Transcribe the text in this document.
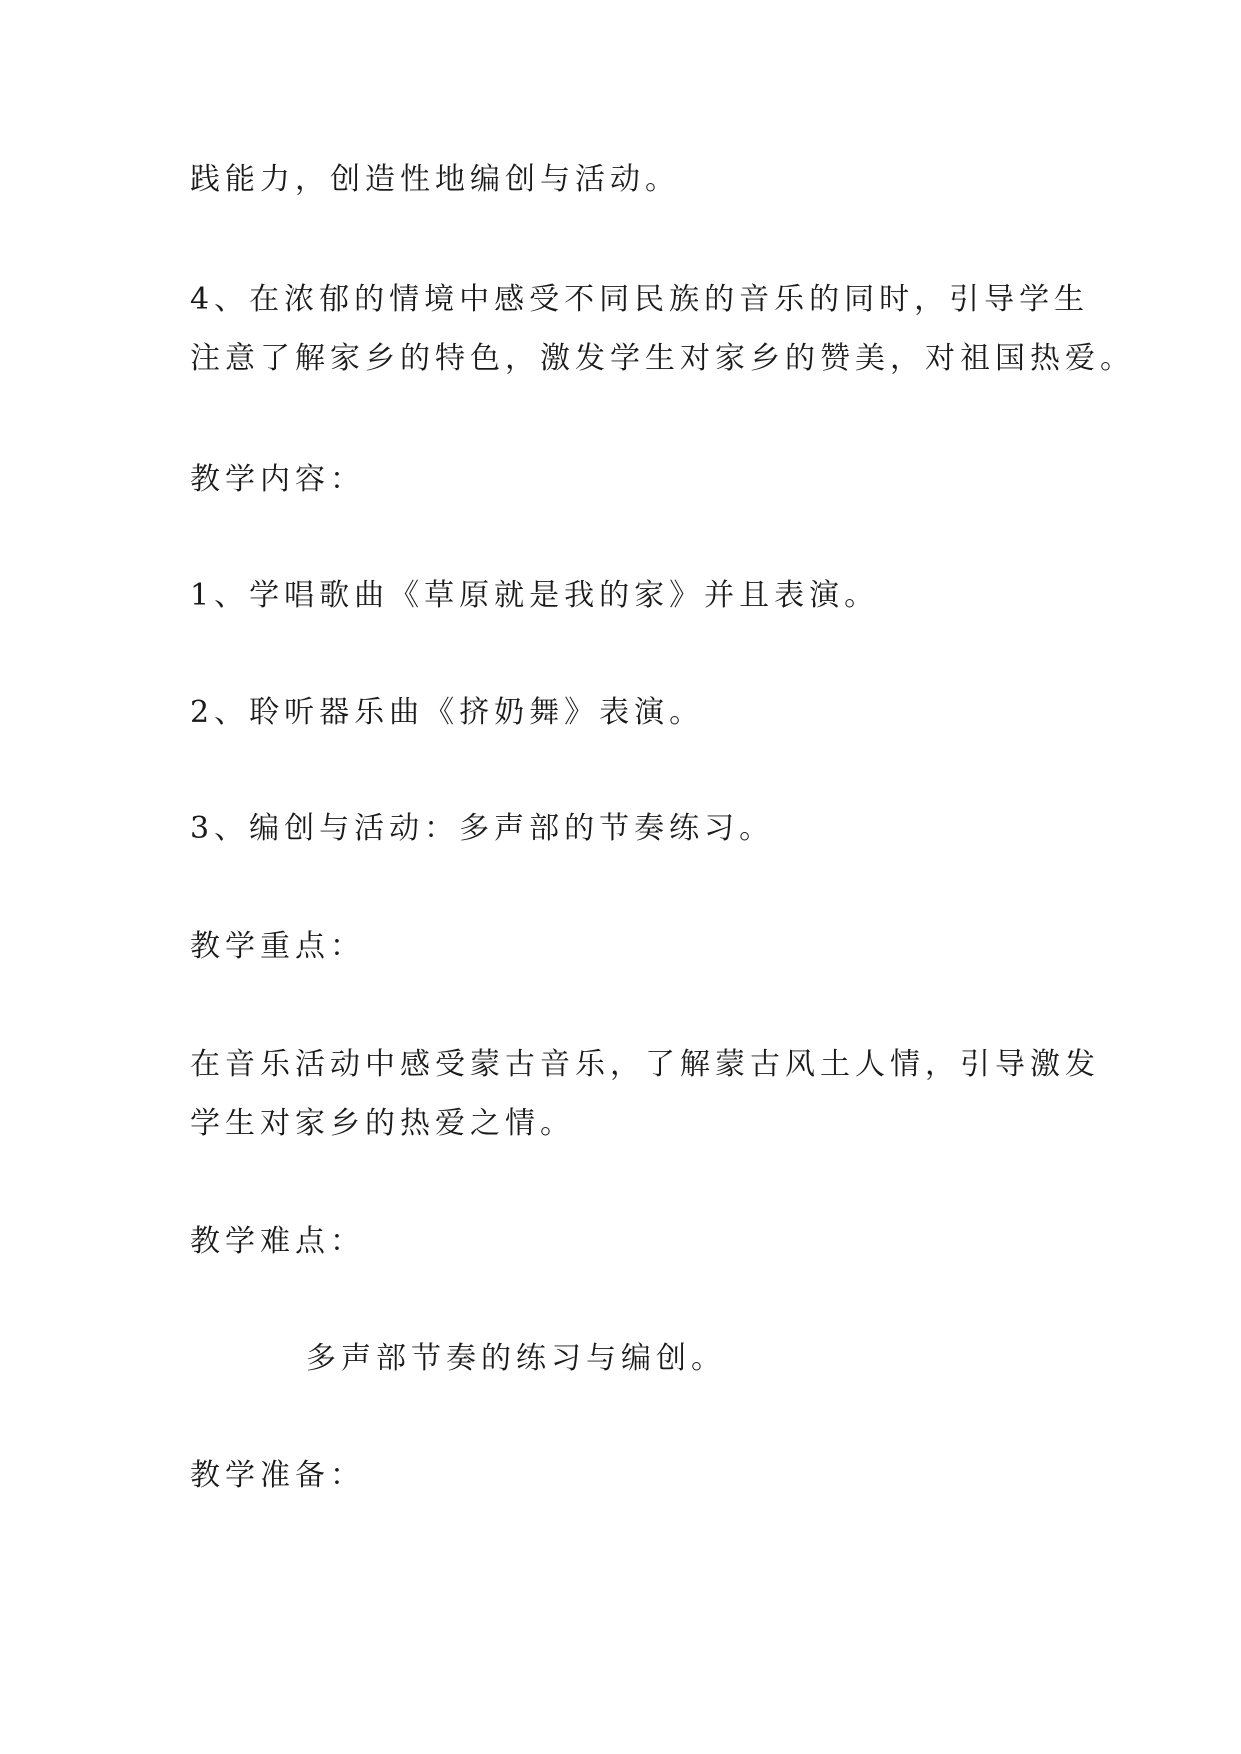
践能力，创造性地编创与活动。

4、在浓郁的情境中感受不同民族的音乐的同时，引导学生
注意了解家乡的特色，激发学生对家乡的赞美，对祖国热爱。

教学内容：

1、学唱歌曲《草原就是我的家》并且表演。

2、聆听器乐曲《挤奶舞》表演。

3、编创与活动：多声部的节奏练习。

教学重点：

在音乐活动中感受蒙古音乐，了解蒙古风土人情，引导激发
学生对家乡的热爱之情。

教学难点：

多声部节奏的练习与编创。

教学准备：
